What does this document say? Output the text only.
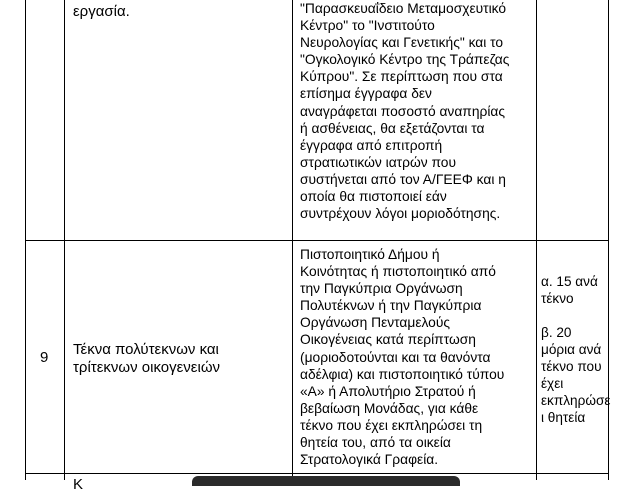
εργασία.	"Παρασκευαΐδειο Μεταμοσχευτικό
Κέντρο" το "Ινστιτούτο
Νευρολογίας και Γενετικής" και το
"Ογκολογικό Κέντρο της Τράπεζας
Κύπρου". Σε περίπτωση που στα
επίσημα έγγραφα δεν
αναγράφεται ποσοστό αναπηρίας
ή ασθένειας, θα εξετάζονται τα
έγγραφα από επιτροπή
στρατιωτικών ιατρών που
συστήνεται από τον Α/ΓΕΕΦ και η
οποία θα πιστοποιεί εάν
συντρέχουν λόγοι μοριοδότησης.
9 Τέκνα πολύτεκνων και
τρίτεκνων οικογενειών
Πιστοποιητικό Δήμου ή
Κοινότητας ή πιστοποιητικό από
την Παγκύπρια Οργάνωση
Πολυτέκνων ή την Παγκύπρια
Οργάνωση Πενταμελούς
Οικογένειας κατά περίπτωση
(μοριοδοτούνται και τα θανόντα
αδέλφια) και πιστοποιητικό τύπου
«Α» ή Απολυτήριο Στρατού ή
βεβαίωση Μονάδας, για κάθε
τέκνο που έχει εκπληρώσει τη
θητεία του, από τα οικεία
Στρατολογικά Γραφεία.
α. 15 ανά
τέκνο
β. 20
μόρια ανά
τέκνο που
έχει
εκπληρώσε
ι θητεία
Κ
